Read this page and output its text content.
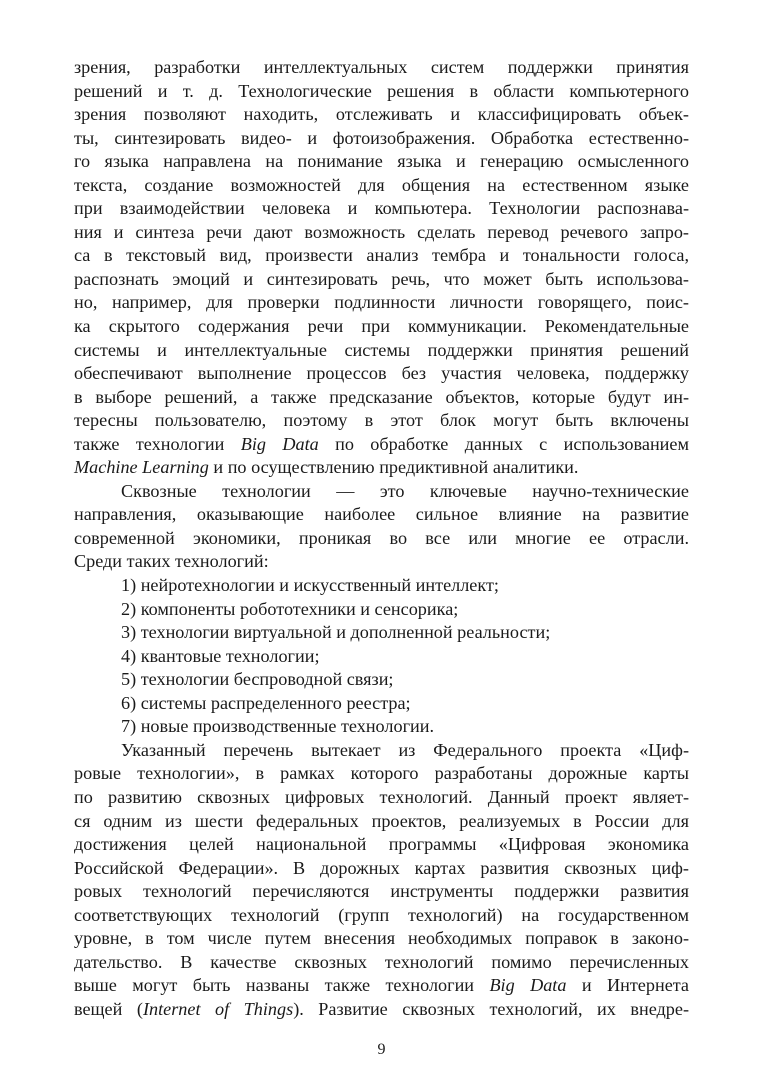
зрения, разработки интеллектуальных систем поддержки принятия
решений и т. д. Технологические решения в области компьютерного
зрения позволяют находить, отслеживать и классифицировать объек-
ты, синтезировать видео- и фотоизображения. Обработка естественно-
го языка направлена на понимание языка и генерацию осмысленного
текста, создание возможностей для общения на естественном языке
при взаимодействии человека и компьютера. Технологии распознава-
ния и синтеза речи дают возможность сделать перевод речевого запро-
са в текстовый вид, произвести анализ тембра и тональности голоса,
распознать эмоций и синтезировать речь, что может быть использова-
но, например, для проверки подлинности личности говорящего, поис-
ка скрытого содержания речи при коммуникации. Рекомендательные
системы и интеллектуальные системы поддержки принятия решений
обеспечивают выполнение процессов без участия человека, поддержку
в выборе решений, а также предсказание объектов, которые будут ин-
тересны пользователю, поэтому в этот блок могут быть включены
также технологии Big Data по обработке данных с использованием
Machine Learning и по осуществлению предиктивной аналитики.
Сквозные технологии — это ключевые научно-технические
направления, оказывающие наиболее сильное влияние на развитие
современной экономики, проникая во все или многие ее отрасли.
Среди таких технологий:
1) нейротехнологии и искусственный интеллект;
2) компоненты робототехники и сенсорика;
3) технологии виртуальной и дополненной реальности;
4) квантовые технологии;
5) технологии беспроводной связи;
6) системы распределенного реестра;
7) новые производственные технологии.
Указанный перечень вытекает из Федерального проекта «Циф-
ровые технологии», в рамках которого разработаны дорожные карты
по развитию сквозных цифровых технологий. Данный проект являет-
ся одним из шести федеральных проектов, реализуемых в России для
достижения целей национальной программы «Цифровая экономика
Российской Федерации». В дорожных картах развития сквозных циф-
ровых технологий перечисляются инструменты поддержки развития
соответствующих технологий (групп технологий) на государственном
уровне, в том числе путем внесения необходимых поправок в законо-
дательство. В качестве сквозных технологий помимо перечисленных
выше могут быть названы также технологии Big Data и Интернета
вещей (Internet of Things). Развитие сквозных технологий, их внедре-
9
